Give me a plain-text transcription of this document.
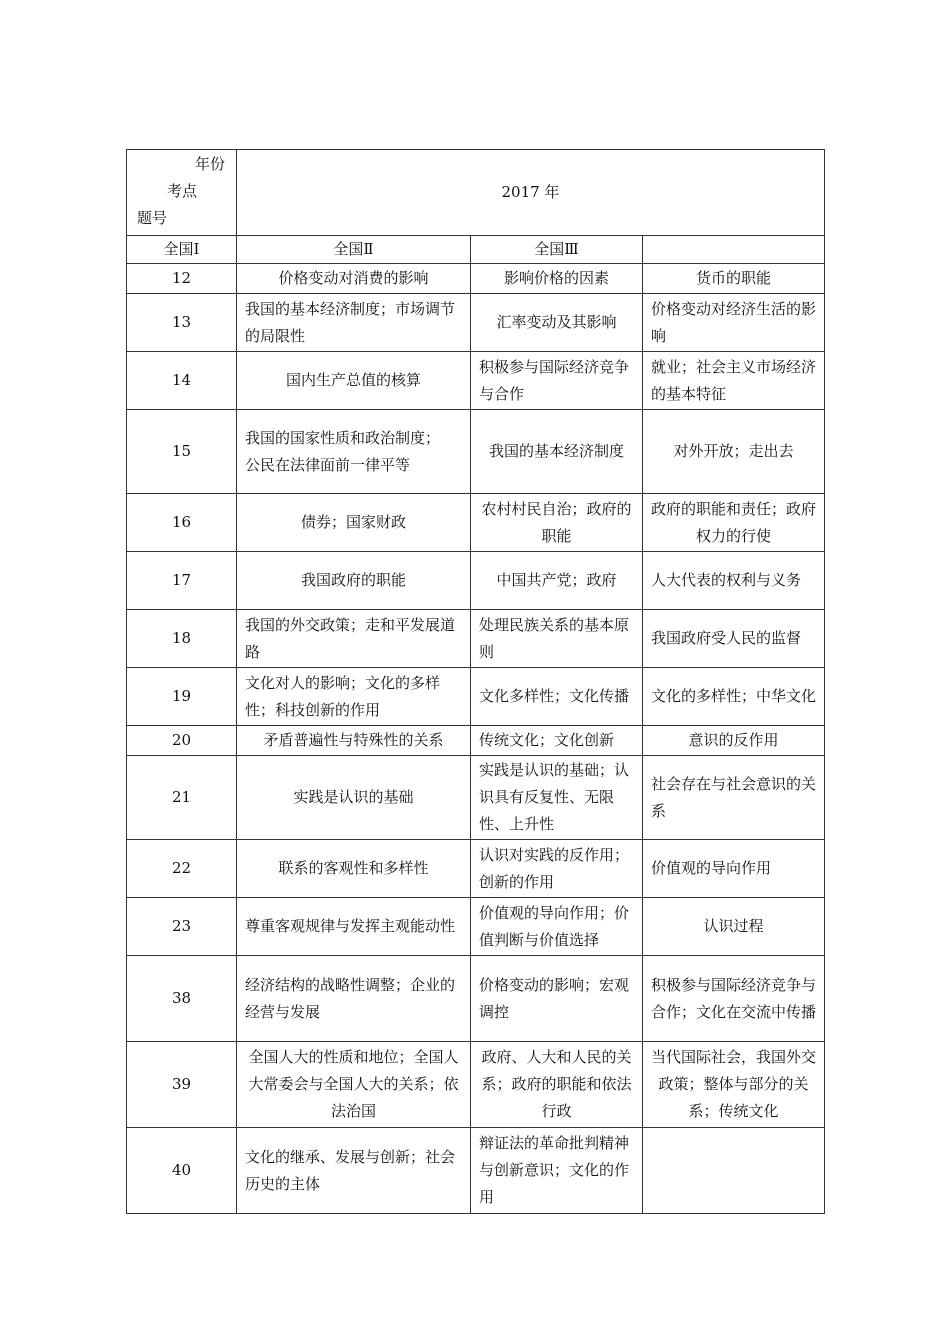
年份
考点
题号	2017 年		
全国Ⅰ	全国Ⅱ	全国Ⅲ	
12	价格变动对消费的影响	影响价格的因素	货币的职能
13	我国的基本经济制度；市场调节的局限性	汇率变动及其影响	价格变动对经济生活的影响
14	国内生产总值的核算	积极参与国际经济竞争与合作	就业；社会主义市场经济的基本特征
15	我国的国家性质和政治制度；
公民在法律面前一律平等	我国的基本经济制度	对外开放；走出去
16	债券；国家财政	农村村民自治；政府的职能	政府的职能和责任；政府权力的行使
17	我国政府的职能	中国共产党；政府	人大代表的权利与义务
18	我国的外交政策；走和平发展道路	处理民族关系的基本原则	我国政府受人民的监督
19	文化对人的影响；文化的多样性；科技创新的作用	文化多样性；文化传播	文化的多样性；中华文化
20	矛盾普遍性与特殊性的关系	传统文化；文化创新	意识的反作用
21	实践是认识的基础	实践是认识的基础；认识具有反复性、无限性、上升性	社会存在与社会意识的关系
22	联系的客观性和多样性	认识对实践的反作用；创新的作用	价值观的导向作用
23	尊重客观规律与发挥主观能动性	价值观的导向作用；价值判断与价值选择	认识过程
38	经济结构的战略性调整；企业的经营与发展	价格变动的影响；宏观调控	积极参与国际经济竞争与合作；文化在交流中传播
39	全国人大的性质和地位；全国人大常委会与全国人大的关系；依法治国	政府、人大和人民的关系；政府的职能和依法行政	当代国际社会，我国外交政策；整体与部分的关系；传统文化
40	文化的继承、发展与创新；社会历史的主体	辩证法的革命批判精神与创新意识；文化的作用	
